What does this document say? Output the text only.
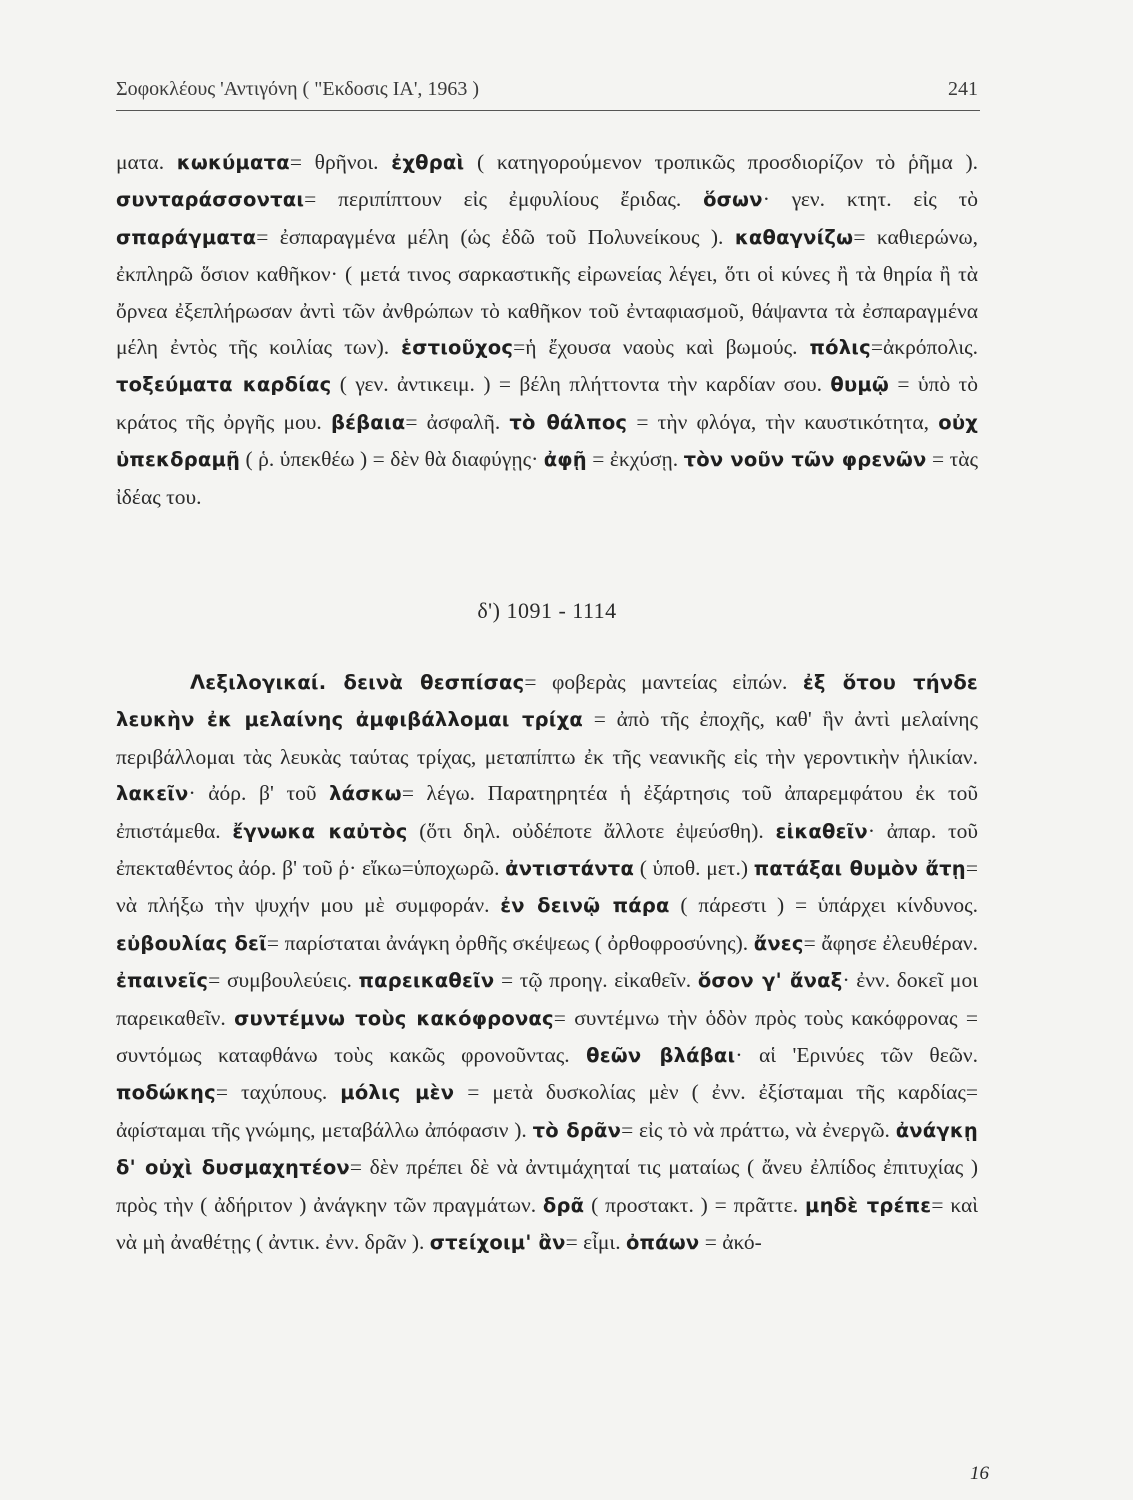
Σοφοκλέους 'Αντιγόνη ( "Εκδοσις ΙΑ', 1963 )	241

ματα. κωκύματα= θρῆνοι. ἐχθραὶ ( κατηγορούμενον τροπικῶς προσδιορίζον τὸ ῥῆμα ). συνταράσσονται= περιπίπτουν εἰς ἐμφυλίους ἔριδας. ὅσων· γεν. κτητ. εἰς τὸ σπαράγματα= ἐσπαραγμένα μέλη (ὡς ἐδῶ τοῦ Πολυνείκους ). καθαγνίζω= καθιερώνω, ἐκπληρῶ ὅσιον καθῆκον· ( μετά τινος σαρκαστικῆς εἰρωνείας λέγει, ὅτι οἱ κύνες ἢ τὰ θηρία ἢ τὰ ὄρνεα ἐξεπλήρωσαν ἀντὶ τῶν ἀνθρώπων τὸ καθῆκον τοῦ ἐνταφιασμοῦ, θάψαντα τὰ ἐσπαραγμένα μέλη ἐντὸς τῆς κοιλίας των). ἑστιοῦχος=ἡ ἔχουσα ναοὺς καὶ βωμούς. πόλις=ἀκρόπολις. τοξεύματα καρδίας ( γεν. ἀντικειμ. ) = βέλη πλήττοντα τὴν καρδίαν σου. θυμῷ = ὑπὸ τὸ κράτος τῆς ὀργῆς μου. βέβαια= ἀσφαλῆ. τὸ θάλπος = τὴν φλόγα, τὴν καυστικότητα, οὐχ ὑπεκδραμῇ ( ῥ. ὑπεκθέω ) = δὲν θὰ διαφύγῃς· ἀφῇ = ἐκχύσῃ. τὸν νοῦν τῶν φρενῶν = τὰς ἰδέας του.

δ') 1091 - 1114

Λεξιλογικαί. δεινὰ θεσπίσας= φοβερὰς μαντείας εἰπών. ἐξ ὅτου τήνδε λευκὴν ἐκ μελαίνης ἀμφιβάλλομαι τρίχα = ἀπὸ τῆς ἐποχῆς, καθ' ἣν ἀντὶ μελαίνης περιβάλλομαι τὰς λευκὰς ταύτας τρίχας, μεταπίπτω ἐκ τῆς νεανικῆς εἰς τὴν γεροντικὴν ἡλικίαν. λακεῖν· ἀόρ. β' τοῦ λάσκω= λέγω. Παρατηρητέα ἡ ἐξάρτησις τοῦ ἀπαρεμφάτου ἐκ τοῦ ἐπιστάμεθα. ἔγνωκα καὐτὸς (ὅτι δηλ. οὐδέποτε ἄλλοτε ἐψεύσθη). εἰκαθεῖν· ἀπαρ. τοῦ ἐπεκταθέντος ἀόρ. β' τοῦ ῥ· εἴκω=ὑποχωρῶ. ἀντιστάντα ( ὑποθ. μετ.) πατάξαι θυμὸν ἄτῃ= νὰ πλήξω τὴν ψυχήν μου μὲ συμφοράν. ἐν δεινῷ πάρα ( πάρεστι ) = ὑπάρχει κίνδυνος. εὐβουλίας δεῖ= παρίσταται ἀνάγκη ὀρθῆς σκέψεως ( ὀρθοφροσύνης). ἄνες= ἄφησε ἐλευθέραν. ἐπαινεῖς= συμβουλεύεις. παρεικαθεῖν = τῷ προηγ. εἰκαθεῖν. ὅσον γ' ἄναξ· ἐνν. δοκεῖ μοι παρεικαθεῖν. συντέμνω τοὺς κακόφρονας= συντέμνω τὴν ὁδὸν πρὸς τοὺς κακόφρονας = συντόμως καταφθάνω τοὺς κακῶς φρονοῦντας. θεῶν βλάβαι· αἱ 'Ερινύες τῶν θεῶν. ποδώκης= ταχύπους. μόλις μὲν = μετὰ δυσκολίας μὲν ( ἐνν. ἐξίσταμαι τῆς καρδίας= ἀφίσταμαι τῆς γνώμης, μεταβάλλω ἀπόφασιν ). τὸ δρᾶν= εἰς τὸ νὰ πράττω, νὰ ἐνεργῶ. ἀνάγκῃ δ' οὐχὶ δυσμαχητέον= δὲν πρέπει δὲ νὰ ἀντιμάχηταί τις ματαίως ( ἄνευ ἐλπίδος ἐπιτυχίας ) πρὸς τὴν ( ἀδήριτον ) ἀνάγκην τῶν πραγμάτων. δρᾶ ( προστακτ. ) = πρᾶττε. μηδὲ τρέπε= καὶ νὰ μὴ ἀναθέτῃς ( ἀντικ. ἐνν. δρᾶν ). στείχοιμ' ἂν= εἶμι. ὀπάων = ἀκό-

16
